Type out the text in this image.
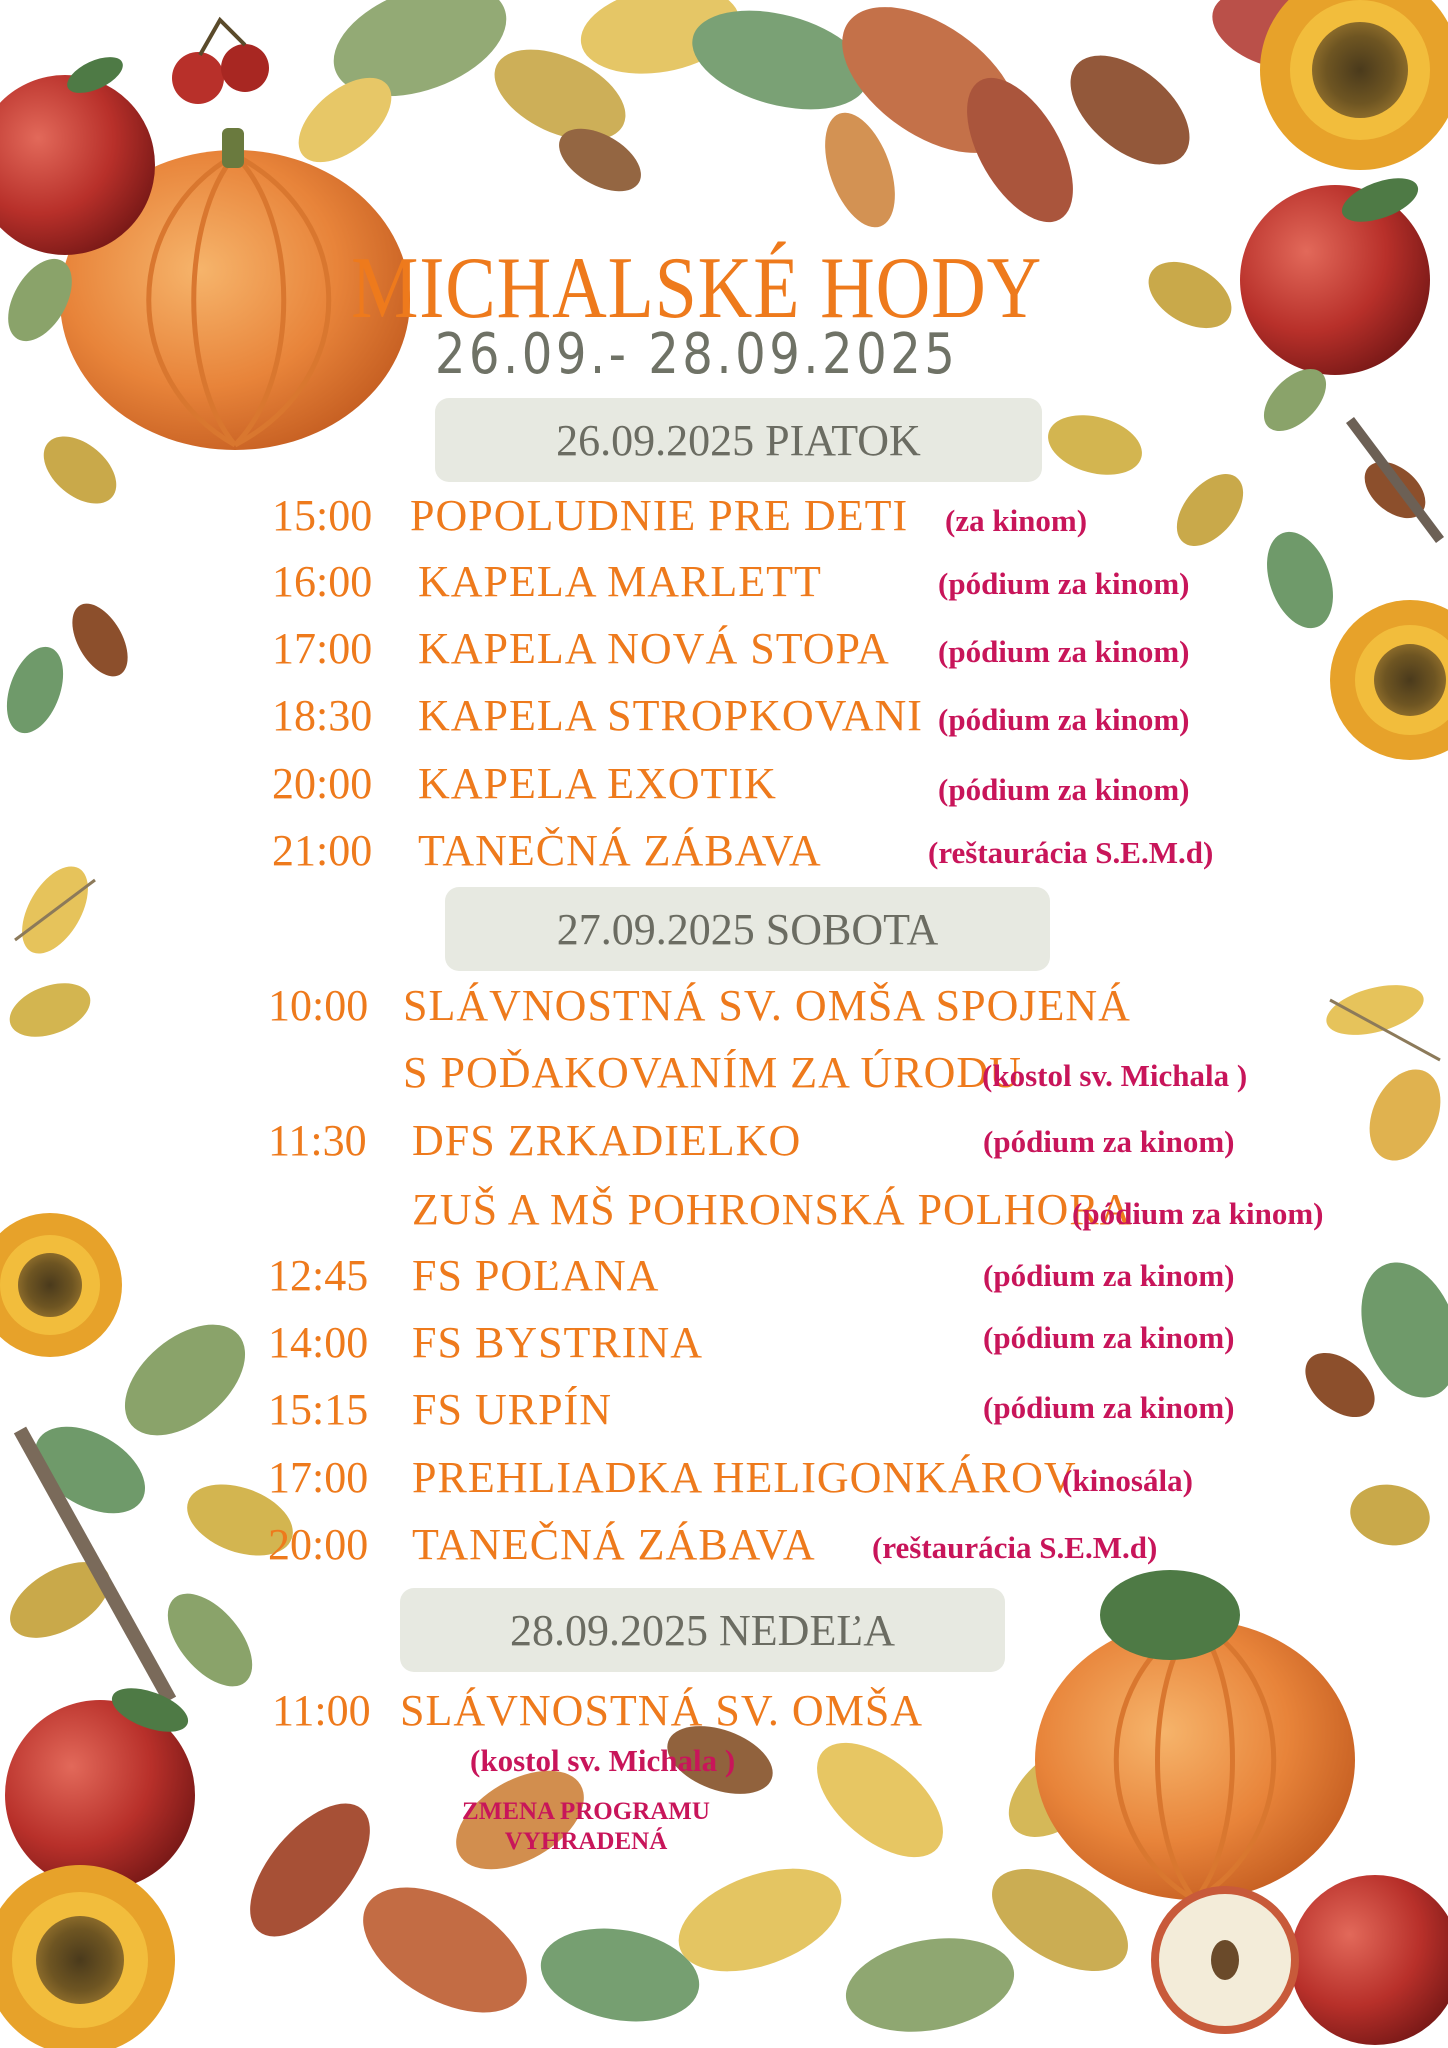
MICHALSKÉ HODY
26.09.- 28.09.2025
26.09.2025 PIATOK
15:00 POPOLUDNIE PRE DETI (za kinom)
16:00 KAPELA MARLETT	(pódium za kinom)
17:00 KAPELA NOVÁ STOPA (pódium za kinom)
18:30 KAPELA STROPKOVANI (pódium za kinom)
20:00 KAPELA EXOTIK	(pódium za kinom)
21:00 TANEČNÁ ZÁBAVA	(reštaurácia S.E.M.d)
27.09.2025 SOBOTA
10:00 SLÁVNOSTNÁ SV. OMŠA SPOJENÁ
S POĎAKOVANÍM ZA ÚRODU
(kostol sv. Michala )
11:30 DFS ZRKADIELKO	(pódium za kinom)
ZUŠ A MŠ POHRONSKÁ POLHORA
(pódium za kinom)
12:45 FS POĽANA	(pódium za kinom)
14:00 FS BYSTRINA	(pódium za kinom)
15:15 FS URPÍN	(pódium za kinom)
17:00 PREHLIADKA HELIGONKÁROV
(kinosála)
20:00 TANEČNÁ ZÁBAVA (reštaurácia S.E.M.d)
28.09.2025 NEDEĽA
11:00 SLÁVNOSTNÁ SV. OMŠA
(kostol sv. Michala )
ZMENA PROGRAMU
VYHRADENÁ
